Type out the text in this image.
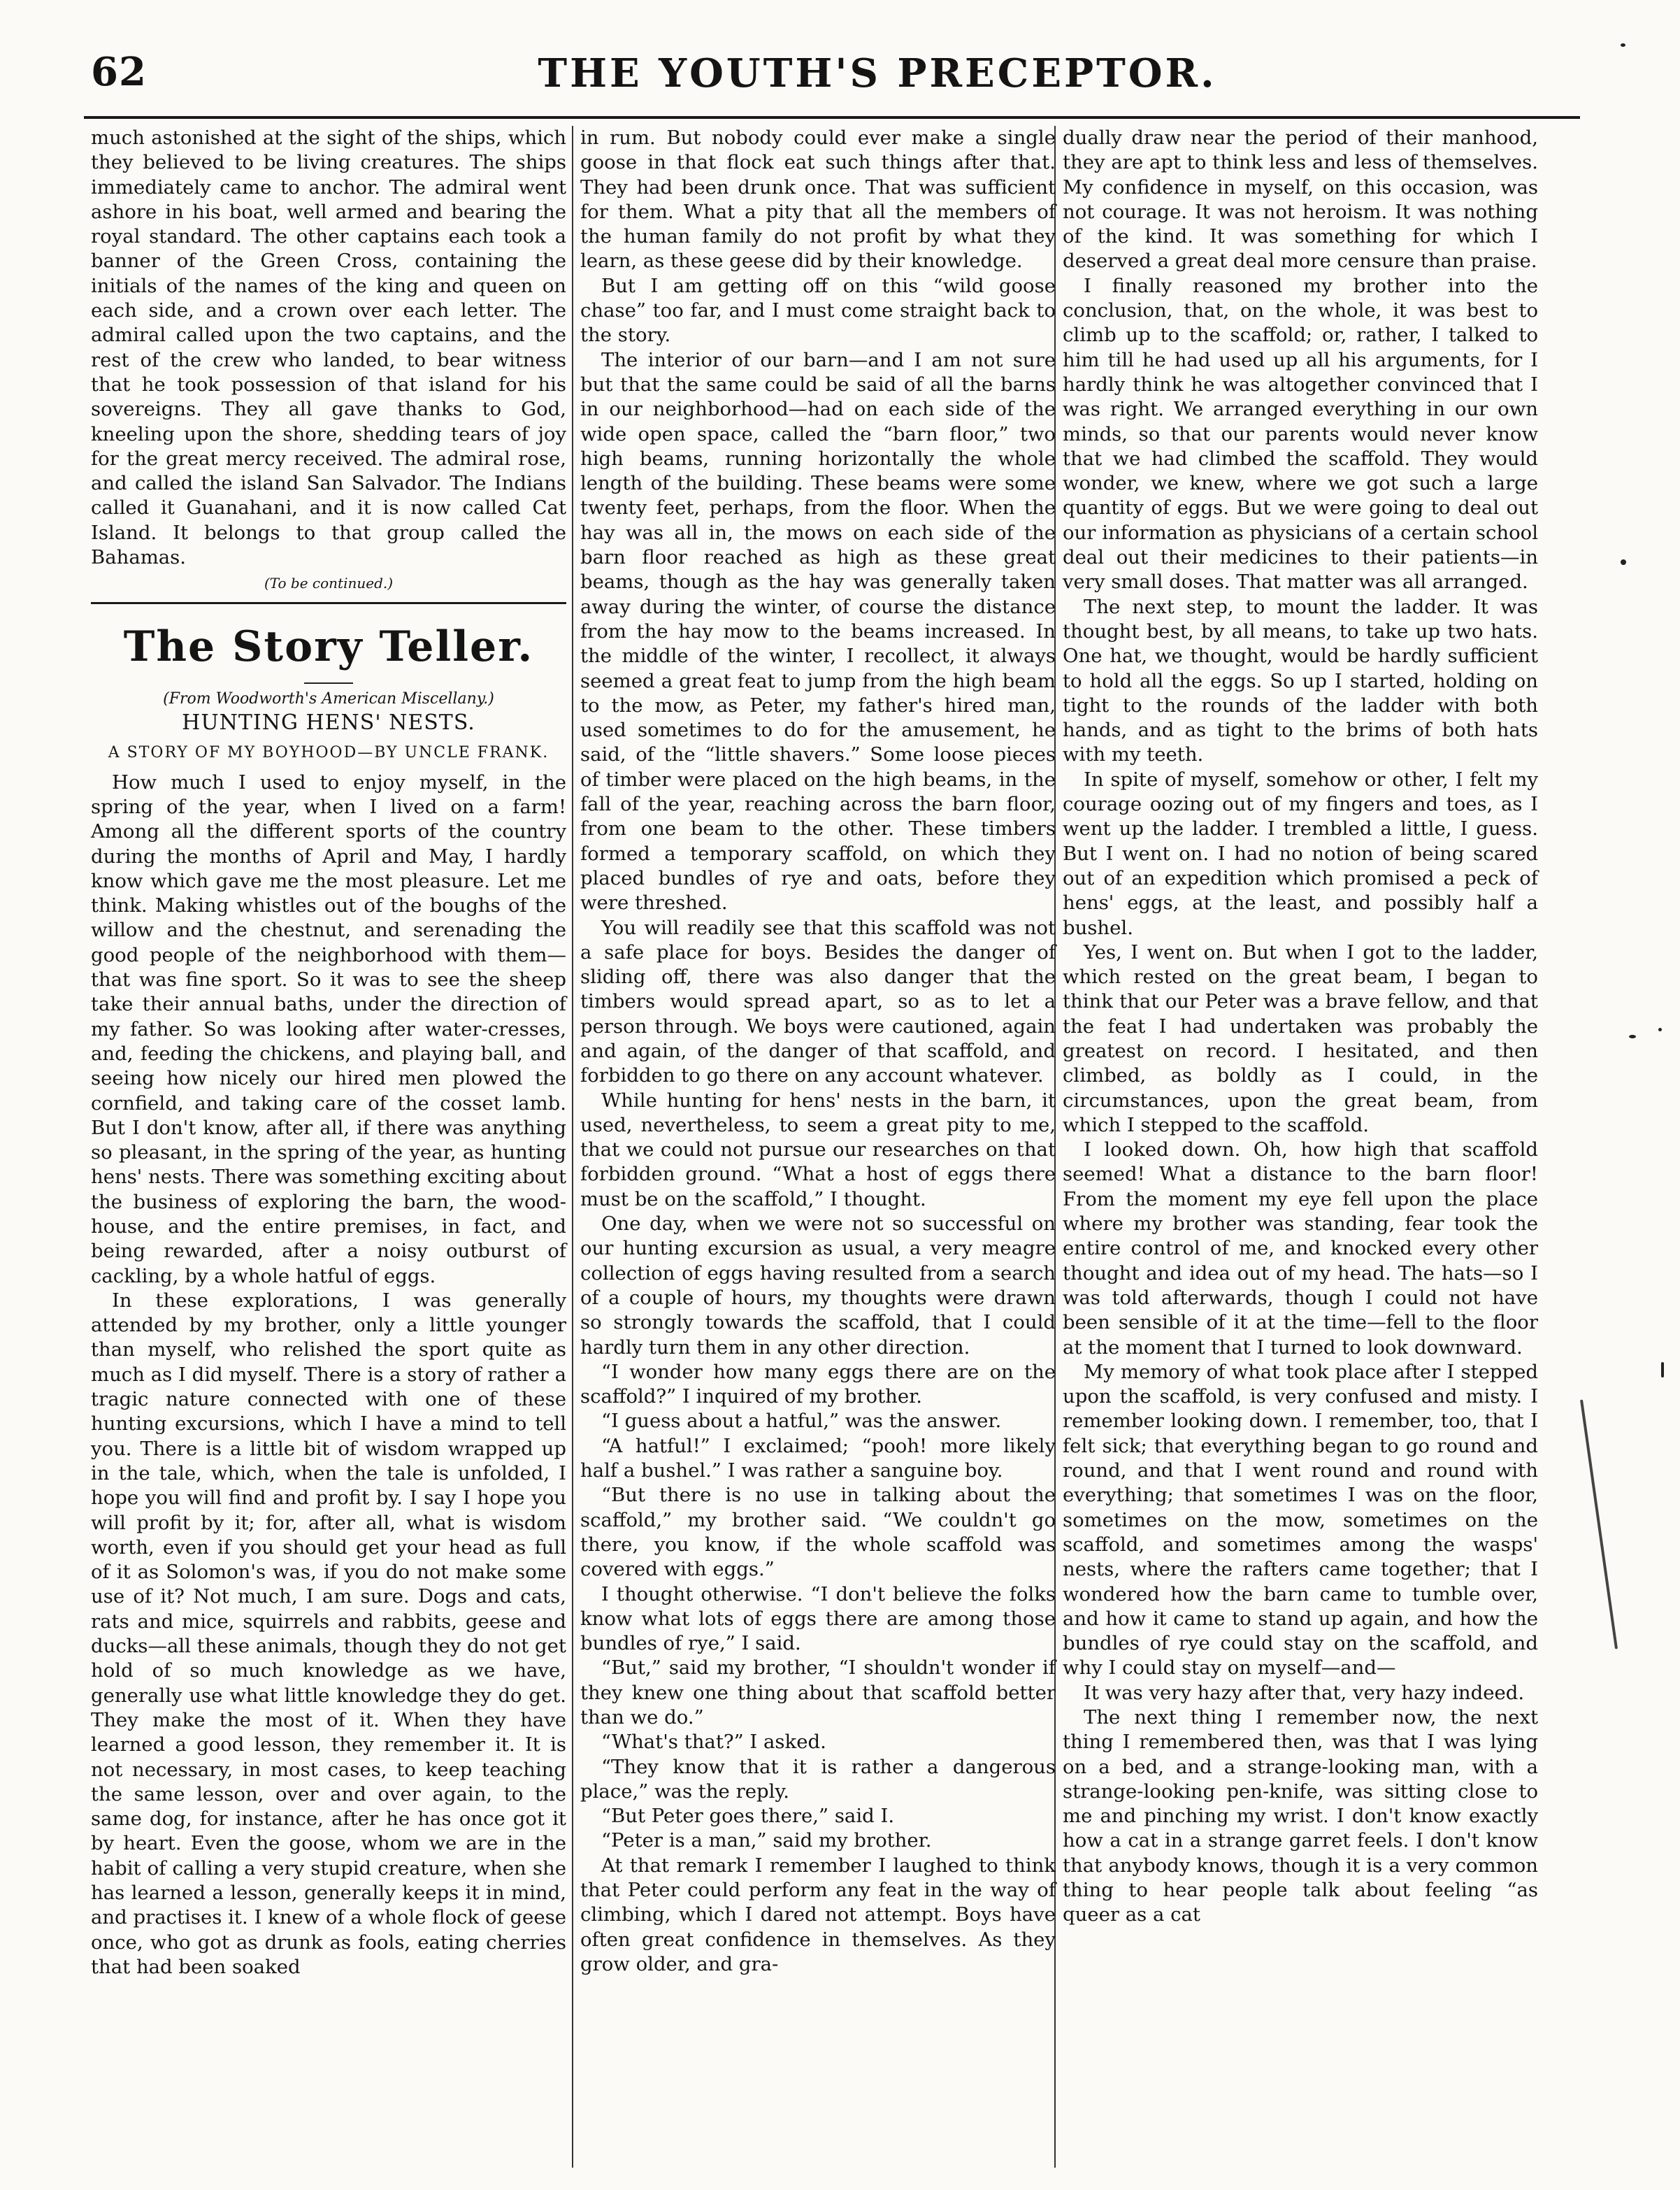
62	THE YOUTH'S PRECEPTOR.

much astonished at the sight of the ships, which they believed to be living creatures. The ships immediately came to anchor. The admiral went ashore in his boat, well armed and bearing the royal standard. The other captains each took a banner of the Green Cross, containing the initials of the names of the king and queen on each side, and a crown over each letter. The admiral called upon the two captains, and the rest of the crew who landed, to bear witness that he took possession of that island for his sovereigns. They all gave thanks to God, kneeling upon the shore, shedding tears of joy for the great mercy received. The admiral rose, and called the island San Salvador. The Indians called it Guanahani, and it is now called Cat Island. It belongs to that group called the Bahamas.

(To be continued.)

The Story Teller.

(From Woodworth's American Miscellany.)

HUNTING HENS' NESTS.

A STORY OF MY BOYHOOD—BY UNCLE FRANK.

How much I used to enjoy myself, in the spring of the year, when I lived on a farm! Among all the different sports of the country during the months of April and May, I hardly know which gave me the most pleasure. Let me think. Making whistles out of the boughs of the willow and the chestnut, and serenading the good people of the neighborhood with them—that was fine sport. So it was to see the sheep take their annual baths, under the direction of my father. So was looking after water-cresses, and, feeding the chickens, and playing ball, and seeing how nicely our hired men plowed the cornfield, and taking care of the cosset lamb. But I don't know, after all, if there was anything so pleasant, in the spring of the year, as hunting hens' nests. There was something exciting about the business of exploring the barn, the wood-house, and the entire premises, in fact, and being rewarded, after a noisy outburst of cackling, by a whole hatful of eggs.

In these explorations, I was generally attended by my brother, only a little younger than myself, who relished the sport quite as much as I did myself. There is a story of rather a tragic nature connected with one of these hunting excursions, which I have a mind to tell you. There is a little bit of wisdom wrapped up in the tale, which, when the tale is unfolded, I hope you will find and profit by. I say I hope you will profit by it; for, after all, what is wisdom worth, even if you should get your head as full of it as Solomon's was, if you do not make some use of it? Not much, I am sure. Dogs and cats, rats and mice, squirrels and rabbits, geese and ducks—all these animals, though they do not get hold of so much knowledge as we have, generally use what little knowledge they do get. They make the most of it. When they have learned a good lesson, they remember it. It is not necessary, in most cases, to keep teaching the same lesson, over and over again, to the same dog, for instance, after he has once got it by heart. Even the goose, whom we are in the habit of calling a very stupid creature, when she has learned a lesson, generally keeps it in mind, and practises it. I knew of a whole flock of geese once, who got as drunk as fools, eating cherries that had been soaked

in rum. But nobody could ever make a single goose in that flock eat such things after that. They had been drunk once. That was sufficient for them. What a pity that all the members of the human family do not profit by what they learn, as these geese did by their knowledge.

But I am getting off on this “wild goose chase” too far, and I must come straight back to the story.

The interior of our barn—and I am not sure but that the same could be said of all the barns in our neighborhood—had on each side of the wide open space, called the “barn floor,” two high beams, running horizontally the whole length of the building. These beams were some twenty feet, perhaps, from the floor. When the hay was all in, the mows on each side of the barn floor reached as high as these great beams, though as the hay was generally taken away during the winter, of course the distance from the hay mow to the beams increased. In the middle of the winter, I recollect, it always seemed a great feat to jump from the high beam to the mow, as Peter, my father's hired man, used sometimes to do for the amusement, he said, of the “little shavers.” Some loose pieces of timber were placed on the high beams, in the fall of the year, reaching across the barn floor, from one beam to the other. These timbers formed a temporary scaffold, on which they placed bundles of rye and oats, before they were threshed.

You will readily see that this scaffold was not a safe place for boys. Besides the danger of sliding off, there was also danger that the timbers would spread apart, so as to let a person through. We boys were cautioned, again and again, of the danger of that scaffold, and forbidden to go there on any account whatever.

While hunting for hens' nests in the barn, it used, nevertheless, to seem a great pity to me, that we could not pursue our researches on that forbidden ground. “What a host of eggs there must be on the scaffold,” I thought.

One day, when we were not so successful on our hunting excursion as usual, a very meagre collection of eggs having resulted from a search of a couple of hours, my thoughts were drawn so strongly towards the scaffold, that I could hardly turn them in any other direction.

“I wonder how many eggs there are on the scaffold?” I inquired of my brother.

“I guess about a hatful,” was the answer.

“A hatful!” I exclaimed; “pooh! more likely half a bushel.” I was rather a sanguine boy.

“But there is no use in talking about the scaffold,” my brother said. “We couldn't go there, you know, if the whole scaffold was covered with eggs.”

I thought otherwise. “I don't believe the folks know what lots of eggs there are among those bundles of rye,” I said.

“But,” said my brother, “I shouldn't wonder if they knew one thing about that scaffold better than we do.”

“What's that?” I asked.

“They know that it is rather a dangerous place,” was the reply.

“But Peter goes there,” said I.

“Peter is a man,” said my brother.

At that remark I remember I laughed to think that Peter could perform any feat in the way of climbing, which I dared not attempt. Boys have often great confidence in themselves. As they grow older, and gra-

dually draw near the period of their manhood, they are apt to think less and less of themselves. My confidence in myself, on this occasion, was not courage. It was not heroism. It was nothing of the kind. It was something for which I deserved a great deal more censure than praise.

I finally reasoned my brother into the conclusion, that, on the whole, it was best to climb up to the scaffold; or, rather, I talked to him till he had used up all his arguments, for I hardly think he was altogether convinced that I was right. We arranged everything in our own minds, so that our parents would never know that we had climbed the scaffold. They would wonder, we knew, where we got such a large quantity of eggs. But we were going to deal out our information as physicians of a certain school deal out their medicines to their patients—in very small doses. That matter was all arranged.

The next step, to mount the ladder. It was thought best, by all means, to take up two hats. One hat, we thought, would be hardly sufficient to hold all the eggs. So up I started, holding on tight to the rounds of the ladder with both hands, and as tight to the brims of both hats with my teeth.

In spite of myself, somehow or other, I felt my courage oozing out of my fingers and toes, as I went up the ladder. I trembled a little, I guess. But I went on. I had no notion of being scared out of an expedition which promised a peck of hens' eggs, at the least, and possibly half a bushel.

Yes, I went on. But when I got to the ladder, which rested on the great beam, I began to think that our Peter was a brave fellow, and that the feat I had undertaken was probably the greatest on record. I hesitated, and then climbed, as boldly as I could, in the circumstances, upon the great beam, from which I stepped to the scaffold.

I looked down. Oh, how high that scaffold seemed! What a distance to the barn floor! From the moment my eye fell upon the place where my brother was standing, fear took the entire control of me, and knocked every other thought and idea out of my head. The hats—so I was told afterwards, though I could not have been sensible of it at the time—fell to the floor at the moment that I turned to look downward.

My memory of what took place after I stepped upon the scaffold, is very confused and misty. I remember looking down. I remember, too, that I felt sick; that everything began to go round and round, and that I went round and round with everything; that sometimes I was on the floor, sometimes on the mow, sometimes on the scaffold, and sometimes among the wasps' nests, where the rafters came together; that I wondered how the barn came to tumble over, and how it came to stand up again, and how the bundles of rye could stay on the scaffold, and why I could stay on myself—and—

It was very hazy after that, very hazy indeed.

The next thing I remember now, the next thing I remembered then, was that I was lying on a bed, and a strange-looking man, with a strange-looking pen-knife, was sitting close to me and pinching my wrist. I don't know exactly how a cat in a strange garret feels. I don't know that anybody knows, though it is a very common thing to hear people talk about feeling “as queer as a cat
